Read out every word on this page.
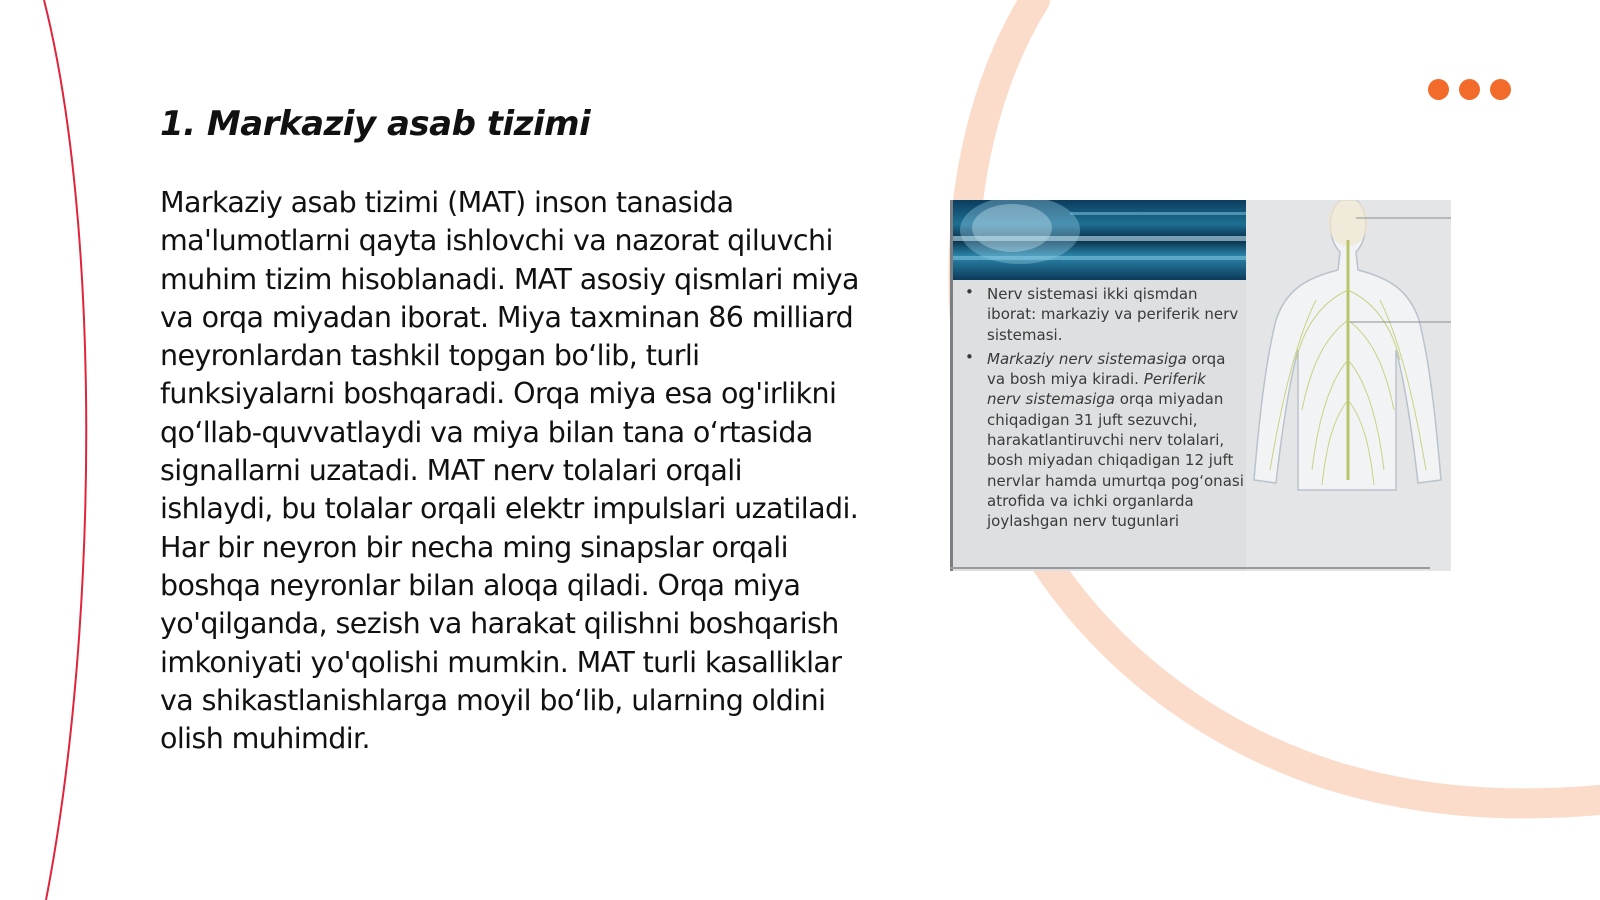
1. Markaziy asab tizimi

Markaziy asab tizimi (MAT) inson tanasida ma'lumotlarni qayta ishlovchi va nazorat qiluvchi muhim tizim hisoblanadi. MAT asosiy qismlari miya va orqa miyadan iborat. Miya taxminan 86 milliard neyronlardan tashkil topgan bo‘lib, turli funksiyalarni boshqaradi. Orqa miya esa og'irlikni qo‘llab-quvvatlaydi va miya bilan tana o‘rtasida signallarni uzatadi. MAT nerv tolalari orqali ishlaydi, bu tolalar orqali elektr impulslari uzatiladi. Har bir neyron bir necha ming sinapslar orqali boshqa neyronlar bilan aloqa qiladi. Orqa miya yo'qilganda, sezish va harakat qilishni boshqarish imkoniyati yo'qolishi mumkin. MAT turli kasalliklar va shikastlanishlarga moyil bo‘lib, ularning oldini olish muhimdir.

• Nerv sistemasi ikki qismdan iborat: markaziy va periferik nerv sistemasi.
• Markaziy nerv sistemasiga orqa va bosh miya kiradi. Periferik nerv sistemasiga orqa miyadan chiqadigan 31 juft sezuvchi, harakatlantiruvchi nerv tolalari, bosh miyadan chiqadigan 12 juft nervlar hamda umurtqa pog‘onasi atrofida va ichki organlarda joylashgan nerv tugunlari
